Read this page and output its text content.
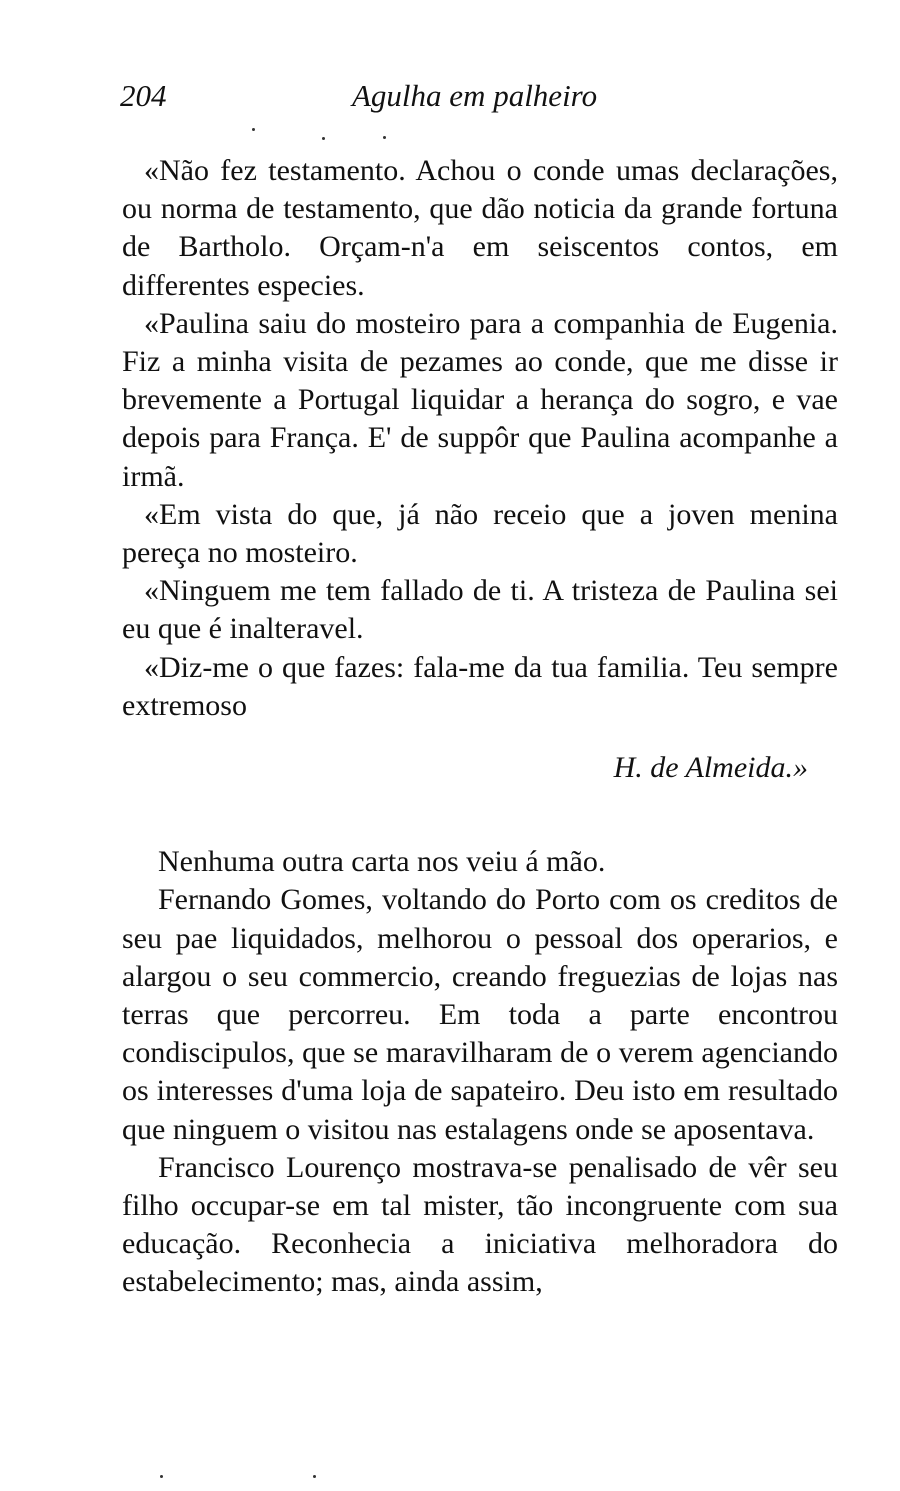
204	Agulha em palheiro

«Não fez testamento. Achou o conde umas declarações, ou norma de testamento, que dão noticia da grande fortuna de Bartholo. Orçam-n'a em seiscentos contos, em differentes especies.

«Paulina saiu do mosteiro para a companhia de Eugenia. Fiz a minha visita de pezames ao conde, que me disse ir brevemente a Portugal liquidar a herança do sogro, e vae depois para França. E' de suppôr que Paulina acompanhe a irmã.

«Em vista do que, já não receio que a joven menina pereça no mosteiro.

«Ninguem me tem fallado de ti. A tristeza de Paulina sei eu que é inalteravel.

«Diz-me o que fazes: fala-me da tua familia. Teu sempre extremoso

H. de Almeida.»

Nenhuma outra carta nos veiu á mão.

Fernando Gomes, voltando do Porto com os creditos de seu pae liquidados, melhorou o pessoal dos operarios, e alargou o seu commercio, creando freguezias de lojas nas terras que percorreu. Em toda a parte encontrou condiscipulos, que se maravilharam de o verem agenciando os interesses d'uma loja de sapateiro. Deu isto em resultado que ninguem o visitou nas estalagens onde se aposentava.

Francisco Lourenço mostrava-se penalisado de vêr seu filho occupar-se em tal mister, tão incongruente com sua educação. Reconhecia a iniciativa melhoradora do estabelecimento; mas, ainda assim,
